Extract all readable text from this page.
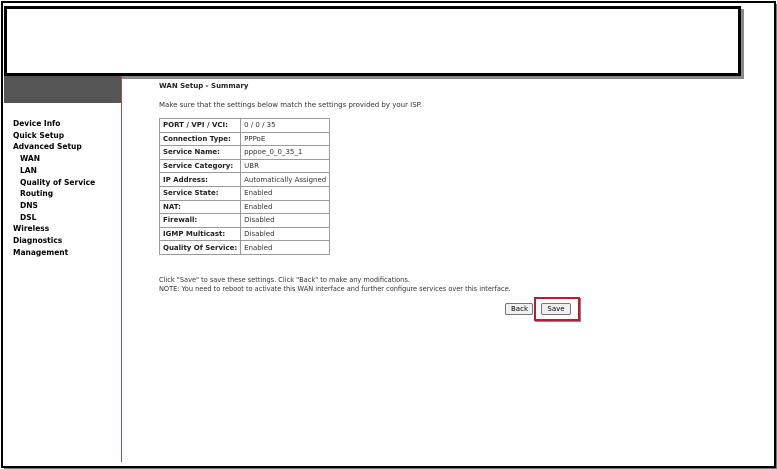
Device Info
Quick Setup
Advanced Setup
WAN
LAN
Quality of Service
Routing
DNS
DSL
Wireless
Diagnostics
Management

WAN Setup - Summary

Make sure that the settings below match the settings provided by your ISP.
PORT / VPI / VCI:	0 / 0 / 35
Connection Type:	PPPoE
Service Name:	pppoe_0_0_35_1
Service Category:	UBR
IP Address:	Automatically Assigned
Service State:	Enabled
NAT:	Enabled
Firewall:	Disabled
IGMP Multicast:	Disabled
Quality Of Service:	Enabled
Click "Save" to save these settings. Click "Back" to make any modifications.
NOTE: You need to reboot to activate this WAN interface and further configure services over this interface.
Back	Save
